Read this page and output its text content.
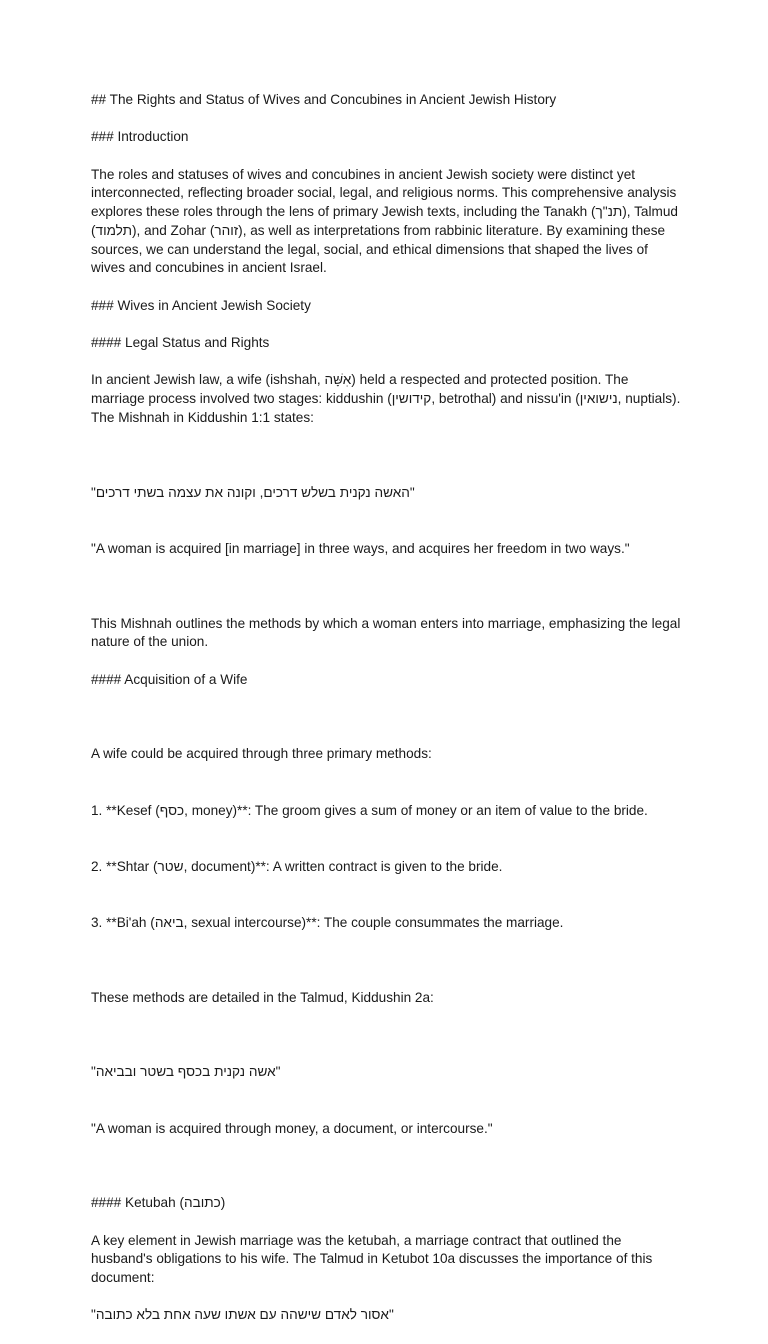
## The Rights and Status of Wives and Concubines in Ancient Jewish History

### Introduction

The roles and statuses of wives and concubines in ancient Jewish society were distinct yet interconnected, reflecting broader social, legal, and religious norms. This comprehensive analysis explores these roles through the lens of primary Jewish texts, including the Tanakh (תנ"ך), Talmud (תלמוד), and Zohar (זוהר), as well as interpretations from rabbinic literature. By examining these sources, we can understand the legal, social, and ethical dimensions that shaped the lives of wives and concubines in ancient Israel.

### Wives in Ancient Jewish Society

#### Legal Status and Rights

In ancient Jewish law, a wife (ishshah, אִשָּׁה) held a respected and protected position. The marriage process involved two stages: kiddushin (קידושין, betrothal) and nissu'in (נישואין, nuptials). The Mishnah in Kiddushin 1:1 states:

"האשה נקנית בשלש דרכים, וקונה את עצמה בשתי דרכים"

"A woman is acquired [in marriage] in three ways, and acquires her freedom in two ways."

This Mishnah outlines the methods by which a woman enters into marriage, emphasizing the legal nature of the union.

#### Acquisition of a Wife

A wife could be acquired through three primary methods:

1. **Kesef (כסף, money)**: The groom gives a sum of money or an item of value to the bride.

2. **Shtar (שטר, document)**: A written contract is given to the bride.

3. **Bi'ah (ביאה, sexual intercourse)**: The couple consummates the marriage.

These methods are detailed in the Talmud, Kiddushin 2a:

"אשה נקנית בכסף בשטר ובביאה"

"A woman is acquired through money, a document, or intercourse."

#### Ketubah (כתובה)

A key element in Jewish marriage was the ketubah, a marriage contract that outlined the husband's obligations to his wife. The Talmud in Ketubot 10a discusses the importance of this document:

"אסור לאדם שישהה עם אשתו שעה אחת בלא כתובה"
